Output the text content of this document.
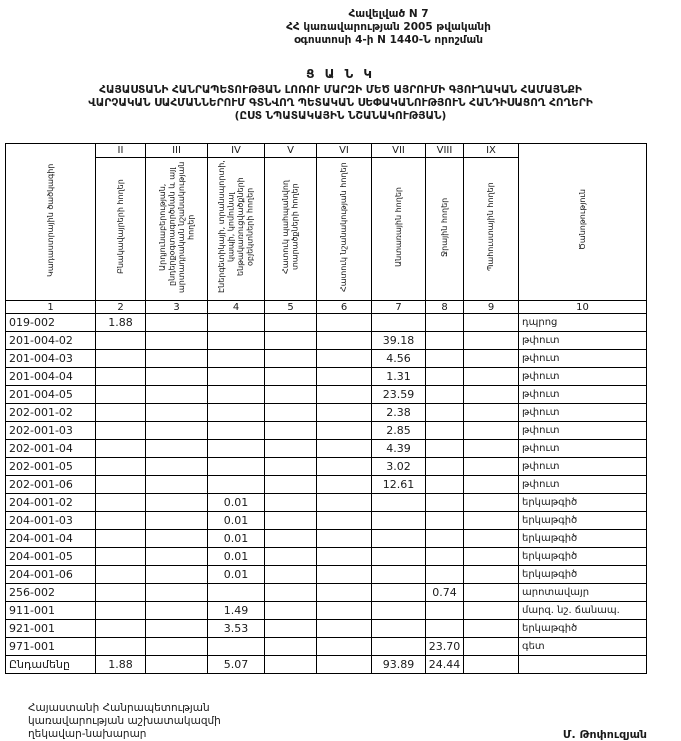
Հավելված N 7
ՀՀ կառավարության 2005 թվականի
օգոստոսի 4-ի N 1440-Ն որոշման
Ց Ա Ն Կ
ՀԱՅԱՍՏԱՆԻ ՀԱՆՐԱՊԵՏՈՒԹՅԱՆ ԼՈՌՈՒ ՄԱՐԶԻ ՄԵԾ ԱՅՐՈՒՄԻ ԳՅՈՒՂԱԿԱՆ ՀԱՄԱՅՆՔԻ
ՎԱՐՉԱԿԱՆ ՍԱՀՄԱՆՆԵՐՈՒՄ ԳՏՆՎՈՂ ՊԵՏԱԿԱՆ ՍԵՓԱԿԱՆՈՒԹՅՈՒՆ ՀԱՆԴԻՍԱՑՈՂ ՀՈՂԵՐԻ
(ԸՍՏ ՆՊԱՏԱԿԱՅԻՆ ՆՇԱՆԱԿՈՒԹՅԱՆ)
Կադաստրային ծածկագիր	II	III	IV	V	VI	VII	VIII	IX	Ծանոթություն
	Բնակավայրերի հողեր	Արդյունաբերության, ընդերքօգտագործման և այլ արտադրական նշանակության հողեր	Էներգետիկայի, տրանսպորտի, կապի, կոմունալ ենթակառուցվածքների օբյեկտների հողեր	Հատուկ պահպանվող տարածքների հողեր	Հատուկ նշանակության հողեր	Անտառային հողեր	Ջրային հողեր	Պահուստային հողեր	
1	2	3	4	5	6	7	8	9	10
019-002	1.88								դպրոց
201-004-02						39.18			թփուտ
201-004-03						4.56			թփուտ
201-004-04						1.31			թփուտ
201-004-05						23.59			թփուտ
202-001-02						2.38			թփուտ
202-001-03						2.85			թփուտ
202-001-04						4.39			թփուտ
202-001-05						3.02			թփուտ
202-001-06						12.61			թփուտ
204-001-02			0.01						երկաթգիծ
204-001-03			0.01						երկաթգիծ
204-001-04			0.01						երկաթգիծ
204-001-05			0.01						երկաթգիծ
204-001-06			0.01						երկաթգիծ
256-002							0.74		արոտավայր
911-001			1.49						մարզ. նշ. ճանապ.
921-001			3.53						երկաթգիծ
971-001							23.70		գետ
Ընդամենը	1.88		5.07			93.89	24.44		
Հայաստանի Հանրապետության
կառավարության աշխատակազմի
ղեկավար-նախարար	Մ. Թոփուզյան
